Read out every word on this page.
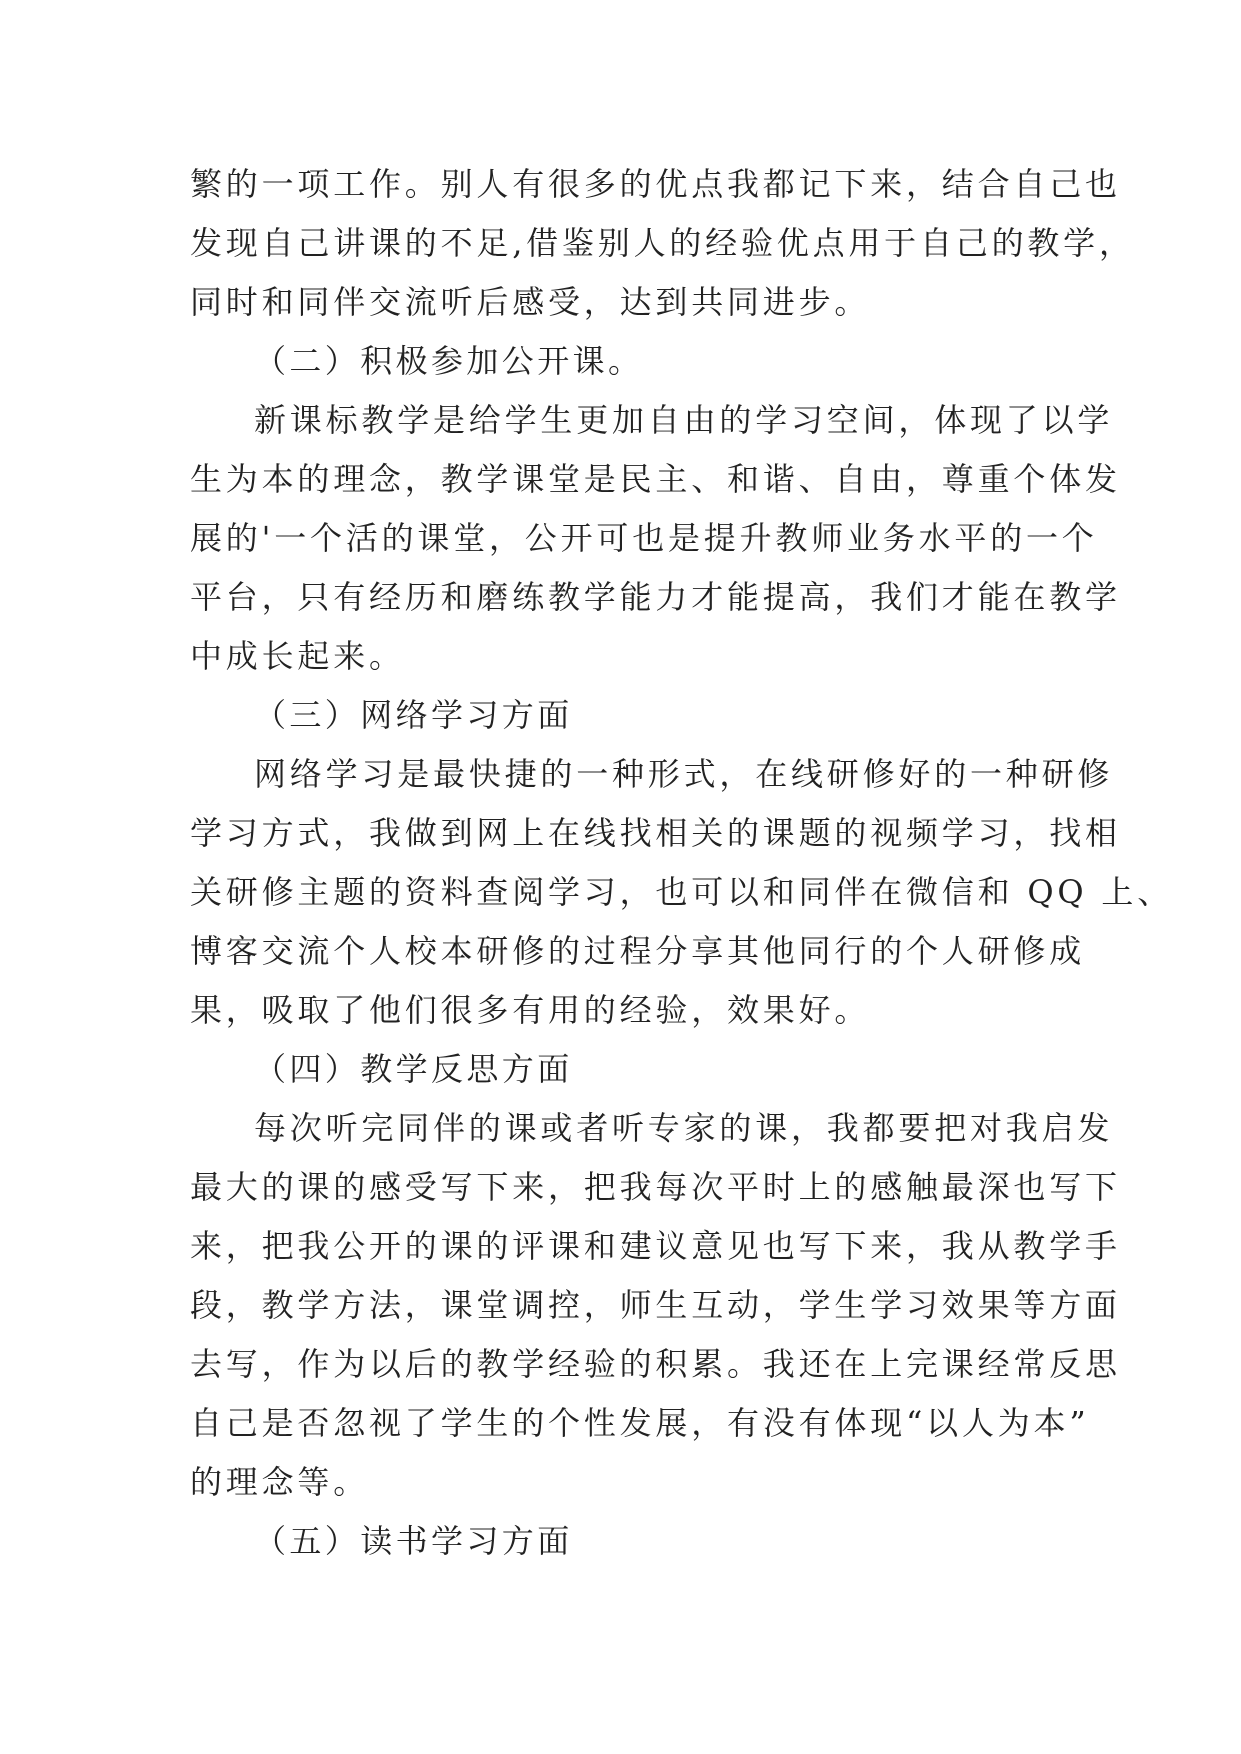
繁的一项工作。别人有很多的优点我都记下来，结合自己也
发现自己讲课的不足,借鉴别人的经验优点用于自己的教学，
同时和同伴交流听后感受，达到共同进步。
（二）积极参加公开课。
新课标教学是给学生更加自由的学习空间，体现了以学
生为本的理念，教学课堂是民主、和谐、自由，尊重个体发
展的'一个活的课堂，公开可也是提升教师业务水平的一个
平台，只有经历和磨练教学能力才能提高，我们才能在教学
中成长起来。
（三）网络学习方面
网络学习是最快捷的一种形式，在线研修好的一种研修
学习方式，我做到网上在线找相关的课题的视频学习，找相
关研修主题的资料查阅学习，也可以和同伴在微信和 QQ 上、
博客交流个人校本研修的过程分享其他同行的个人研修成
果，吸取了他们很多有用的经验，效果好。
（四）教学反思方面
每次听完同伴的课或者听专家的课，我都要把对我启发
最大的课的感受写下来，把我每次平时上的感触最深也写下
来，把我公开的课的评课和建议意见也写下来，我从教学手
段，教学方法，课堂调控，师生互动，学生学习效果等方面
去写，作为以后的教学经验的积累。我还在上完课经常反思
自己是否忽视了学生的个性发展，有没有体现“以人为本”
的理念等。
（五）读书学习方面
